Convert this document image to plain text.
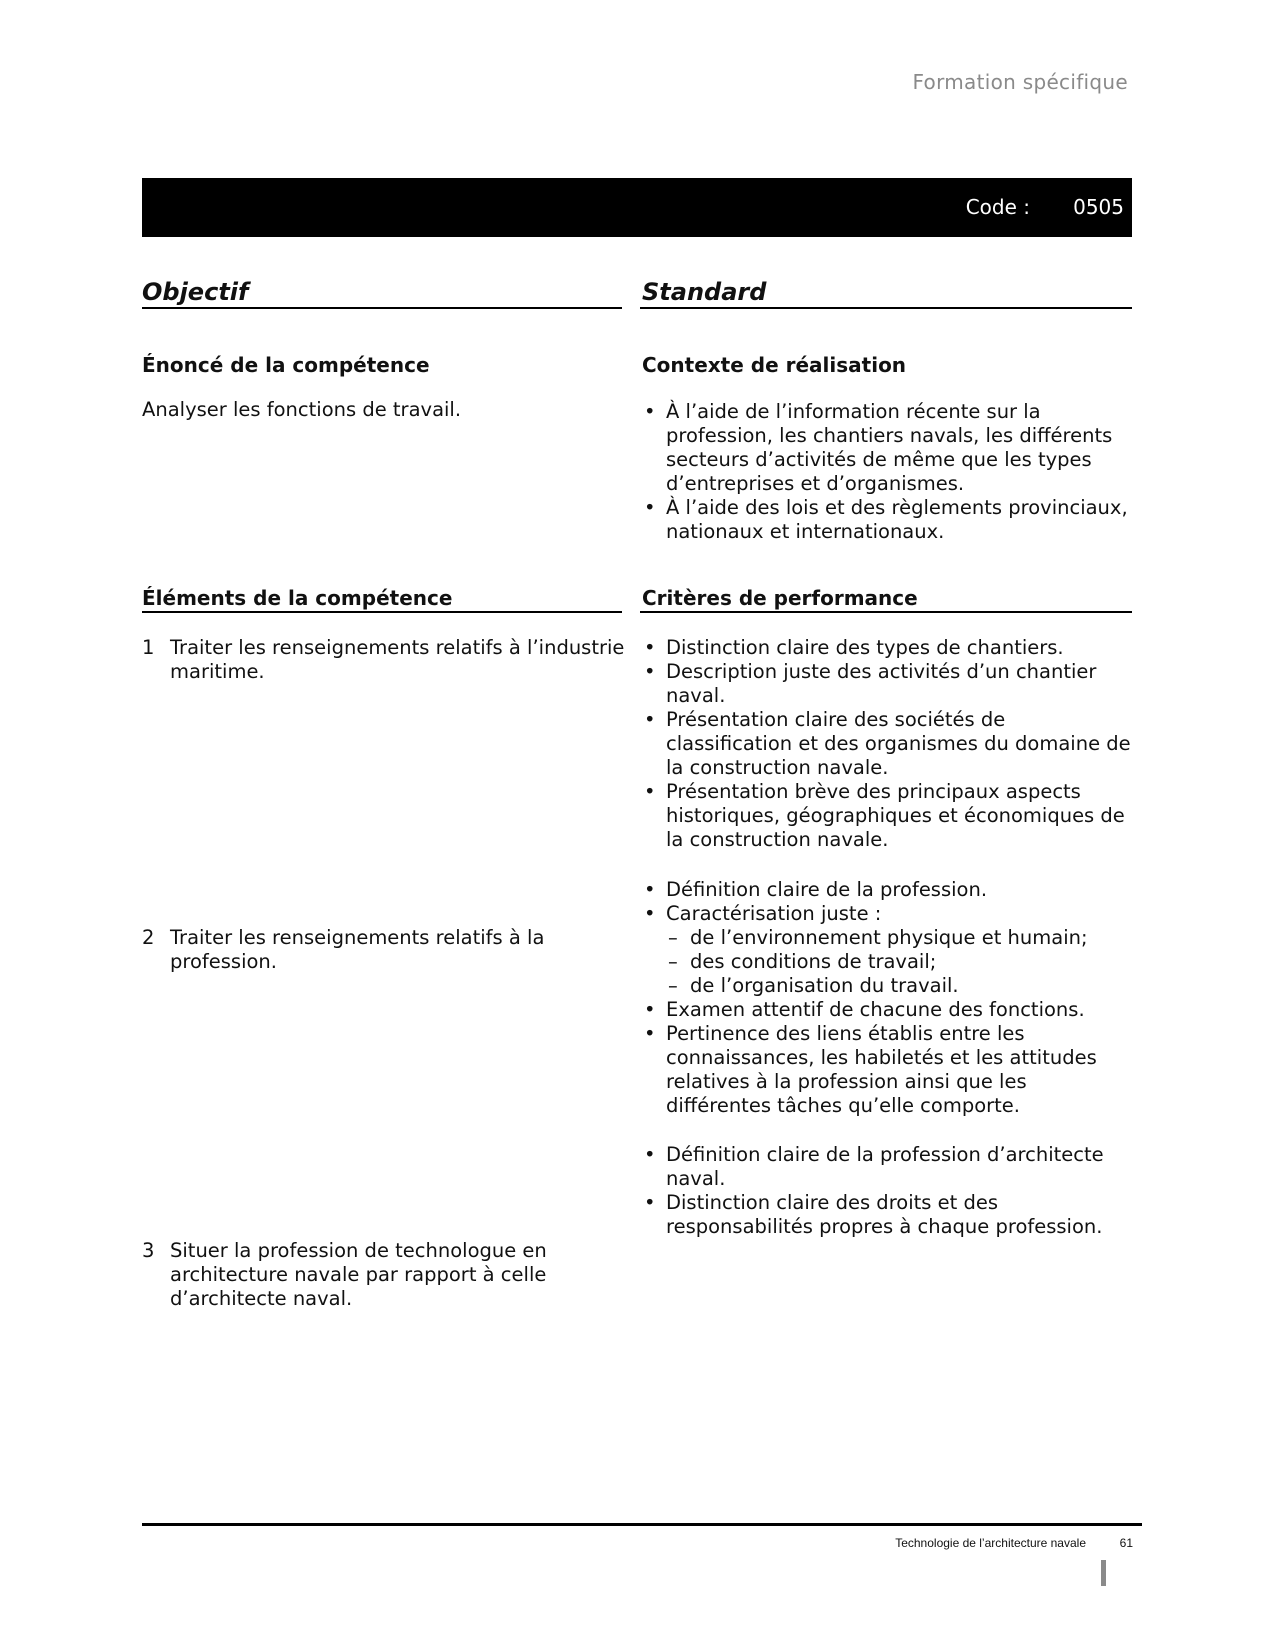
Formation spécifique
Code : 0505
Objectif	Standard
Énoncé de la compétence
Analyser les fonctions de travail.
Contexte de réalisation
• À l’aide de l’information récente sur la profession, les chantiers navals, les différents secteurs d’activités de même que les types d’entreprises et d’organismes.
• À l’aide des lois et des règlements provinciaux, nationaux et internationaux.
Éléments de la compétence	Critères de performance
1 Traiter les renseignements relatifs à l’industrie maritime.
• Distinction claire des types de chantiers.
• Description juste des activités d’un chantier naval.
• Présentation claire des sociétés de classification et des organismes du domaine de la construction navale.
• Présentation brève des principaux aspects historiques, géographiques et économiques de la construction navale.
2 Traiter les renseignements relatifs à la profession.
• Définition claire de la profession.
• Caractérisation juste :
– de l’environnement physique et humain;
– des conditions de travail;
– de l’organisation du travail.
• Examen attentif de chacune des fonctions.
• Pertinence des liens établis entre les connaissances, les habiletés et les attitudes relatives à la profession ainsi que les différentes tâches qu’elle comporte.
3 Situer la profession de technologue en architecture navale par rapport à celle d’architecte naval.
• Définition claire de la profession d’architecte naval.
• Distinction claire des droits et des responsabilités propres à chaque profession.
Technologie de l’architecture navale	61
